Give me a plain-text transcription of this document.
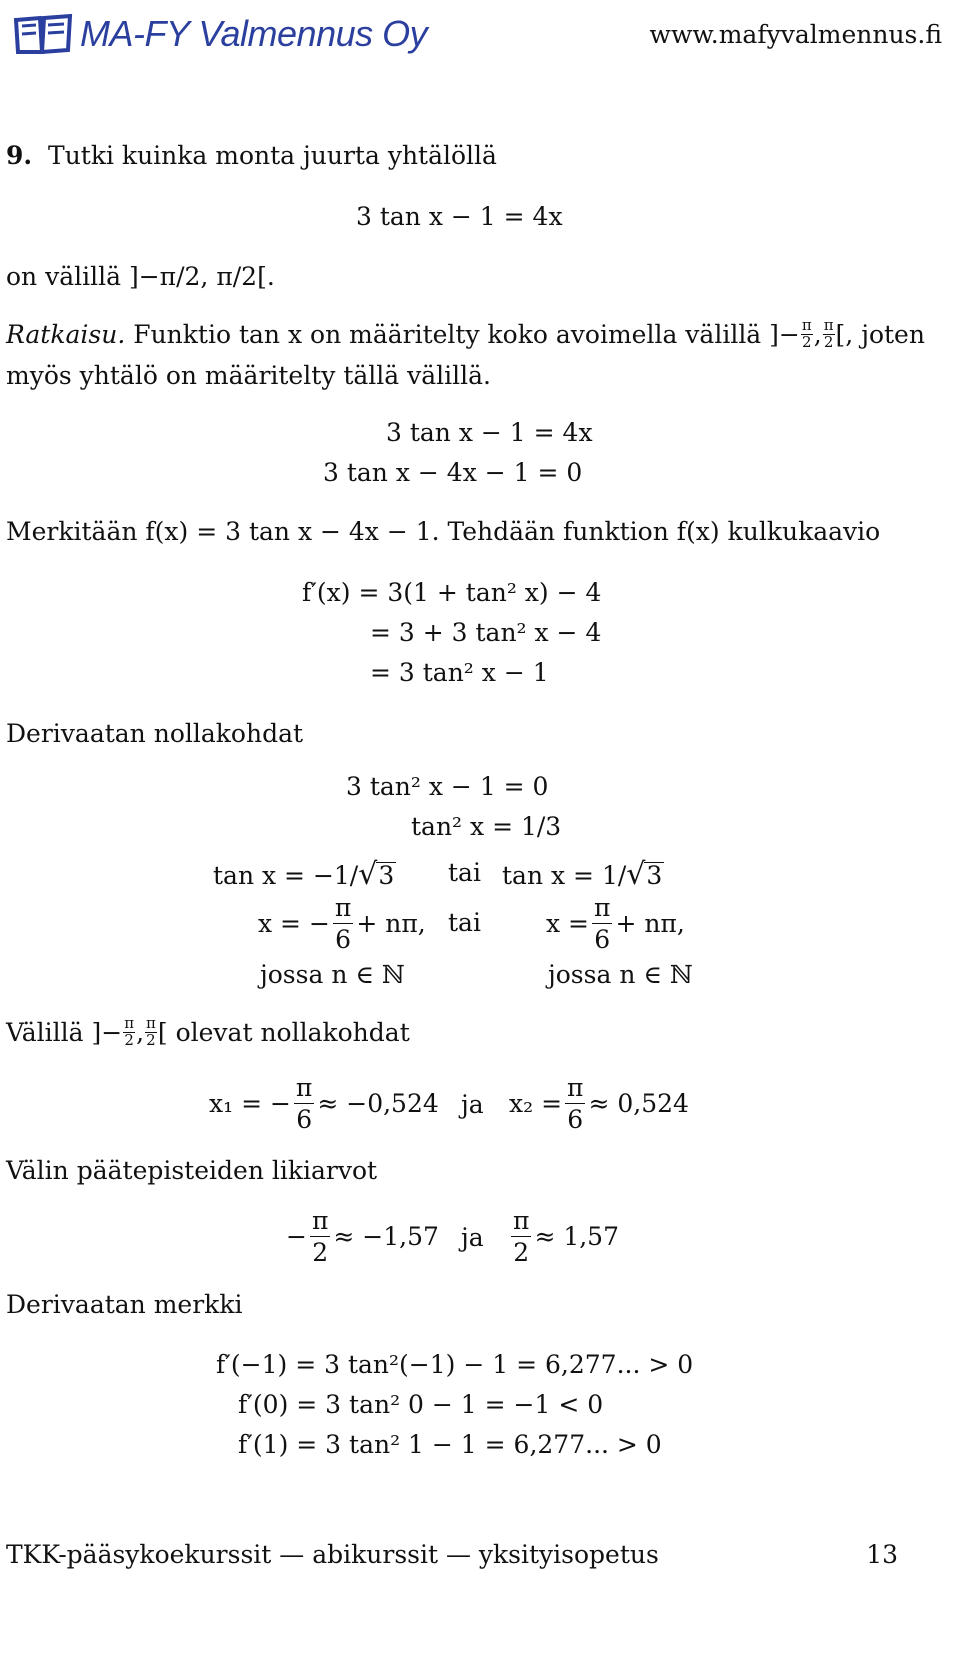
MA-FY Valmennus Oy	www.mafyvalmennus.fi
9. Tutki kuinka monta juurta yhtälöllä
3 tan x − 1 = 4x
on välillä ]−π/2, π/2[.
Ratkaisu.
Funktio tan x on määritelty koko avoimella välillä ]− $\frac{\pi}{2}$ , π
2 [, joten
myös yhtälö on määritelty tällä välillä.
3 tan x − 1 = 4x
3 tan x − 4x − 1 = 0
Merkitään f(x) = 3 tan x − 4x − 1. Tehdään funktion f(x) kulkukaavio
f′(x) = 3(1 + tan² x) − 4
= 3 + 3 tan² x − 4
= 3 tan² x − 1
Derivaatan nollakohdat
3 tan² x − 1 = 0
tan² x = 1/3
tan x = −1/√3 tai tan x = 1/√3
x =
− $\frac{\pi}{6} + n\pi$, tai	$x = \frac{\pi}{6} + n\pi$,
jossa n ∈ ℕ	jossa n ∈ ℕ
Välillä ]− $\frac{\pi}{2}$ , π
2 [ olevat nollakohdat
x₁ =
− $\frac{\pi}{6} \approx -0,524$ ja $x_2 = \frac{\pi}{6} \approx 0,524$
Välin päätepisteiden likiarvot
− $\frac{\pi}{2} \approx -1,57$ ja $\frac{\pi}{2} \approx 1,57$
Derivaatan merkki
f′(−1) = 3 tan²(−1) − 1 = 6,277... > 0
f′(0) = 3 tan² 0 − 1 = −1 < 0
f′(1) = 3 tan² 1 − 1 = 6,277... > 0
TKK-pääsykoekurssit — abikurssit — yksityisopetus	13
